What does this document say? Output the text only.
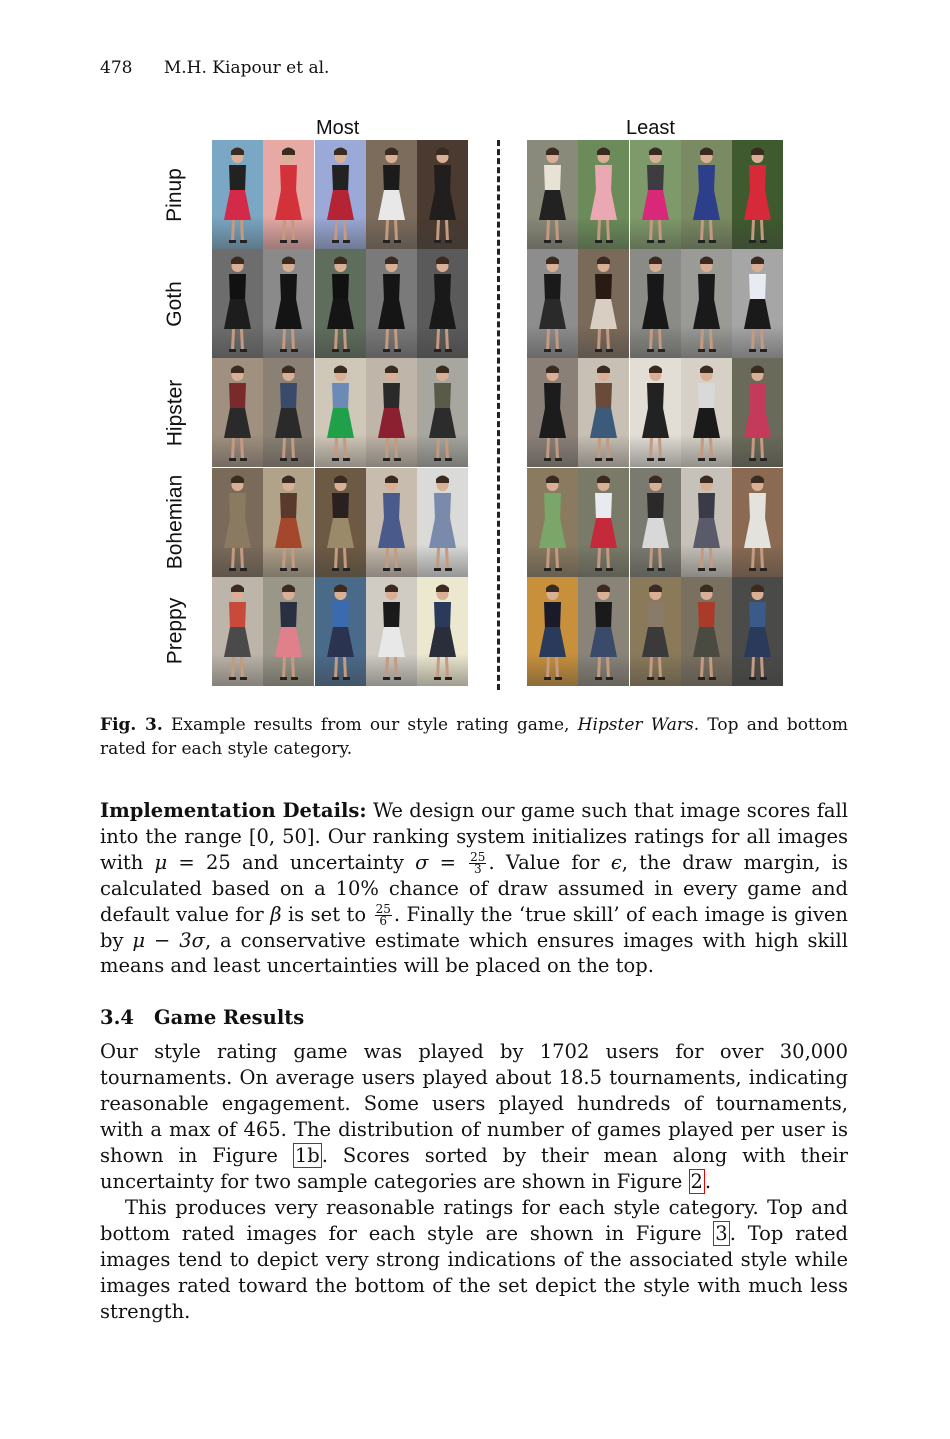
478 M.H. Kiapour et al.
Most	Least
Pinup
Goth
Hipster
Bohemian
Preppy
Fig. 3. Example results from our style rating game, Hipster Wars. Top and bottom rated for each style category.
Implementation Details: We design our game such that image scores fall into the range [0, 50]. Our ranking system initializes ratings for all images with μ = 25 and uncertainty $\sigma = \frac{25}{3}$ . Value for ϵ, the draw margin, is calculated based on a 10% chance of draw assumed in every game and default value for β is set to $\frac{25}{6}$ . Finally the ‘true skill’ of each image is given by μ − 3σ, a conservative estimate which ensures images with high skill means and least uncertainties will be placed on the top.
3.4 Game Results
Our style rating game was played by 1702 users for over 30,000 tournaments. On average users played about 18.5 tournaments, indicating reasonable engagement. Some users played hundreds of tournaments, with a max of 465. The distribution of number of games played per user is shown in Figure 1b . Scores sorted by their mean along with their uncertainty for two sample categories are shown in Figure 2 .
This produces very reasonable ratings for each style category. Top and bottom rated images for each style are shown in Figure 3 . Top rated images tend to depict very strong indications of the associated style while images rated toward the bottom of the set depict the style with much less strength.
